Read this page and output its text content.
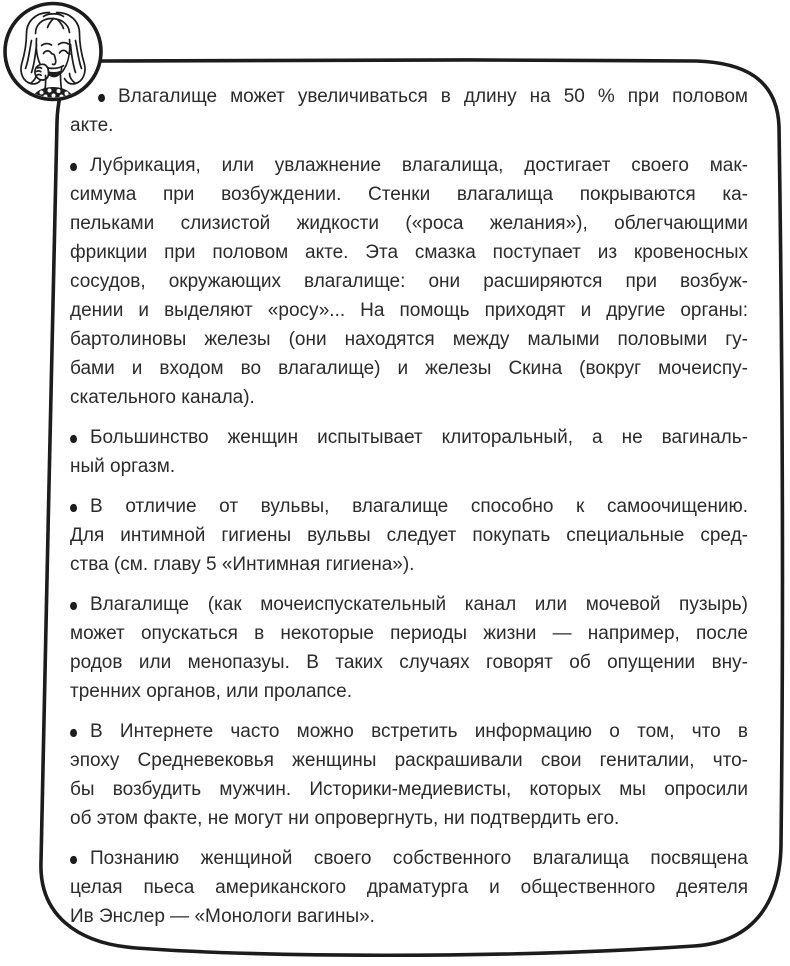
Влагалище может увеличиваться в длину на 50 % при половом
акте.
Лубрикация, или увлажнение влагалища, достигает своего мак-
симума при возбуждении. Стенки влагалища покрываются ка-
пельками слизистой жидкости («роса желания»), облегчающими
фрикции при половом акте. Эта смазка поступает из кровеносных
сосудов, окружающих влагалище: они расширяются при возбуж-
дении и выделяют «росу»... На помощь приходят и другие органы:
бартолиновы железы (они находятся между малыми половыми гу-
бами и входом во влагалище) и железы Скина (вокруг мочеиспу-
скательного канала).
Большинство женщин испытывает клиторальный, а не вагиналь-
ный оргазм.
В отличие от вульвы, влагалище способно к самоочищению.
Для интимной гигиены вульвы следует покупать специальные сред-
ства (см. главу 5 «Интимная гигиена»).
Влагалище (как мочеиспускательный канал или мочевой пузырь)
может опускаться в некоторые периоды жизни — например, после
родов или менопазуы. В таких случаях говорят об опущении вну-
тренних органов, или пролапсе.
В Интернете часто можно встретить информацию о том, что в
эпоху Средневековья женщины раскрашивали свои гениталии, что-
бы возбудить мужчин. Историки-медиевисты, которых мы опросили
об этом факте, не могут ни опровергнуть, ни подтвердить его.
Познанию женщиной своего собственного влагалища посвящена
целая пьеса американского драматурга и общественного деятеля
Ив Энслер — «Монологи вагины».
